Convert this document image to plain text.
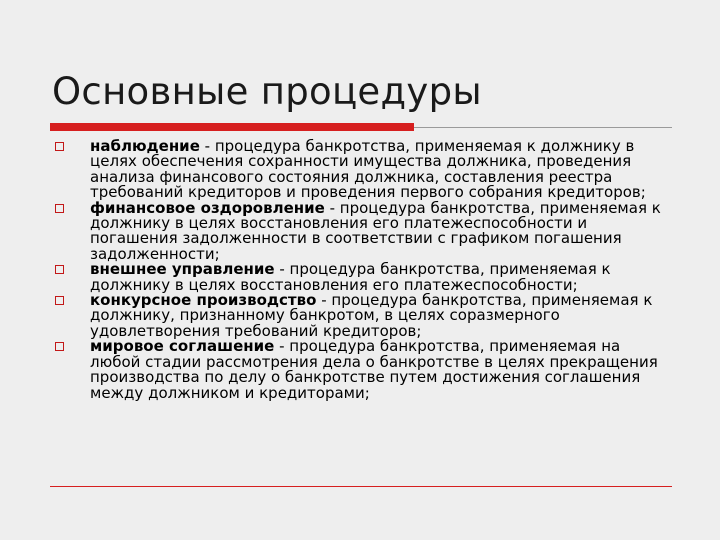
Основные процедуры
наблюдение - процедура банкротства, применяемая к должнику в целях обеспечения сохранности имущества должника, проведения анализа финансового состояния должника, составления реестра требований кредиторов и проведения первого собрания кредиторов;
финансовое оздоровление - процедура банкротства, применяемая к должнику в целях восстановления его платежеспособности и погашения задолженности в соответствии с графиком погашения задолженности;
внешнее управление - процедура банкротства, применяемая к должнику в целях восстановления его платежеспособности;
конкурсное производство - процедура банкротства, применяемая к должнику, признанному банкротом, в целях соразмерного удовлетворения требований кредиторов;
мировое соглашение - процедура банкротства, применяемая на любой стадии рассмотрения дела о банкротстве в целях прекращения производства по делу о банкротстве путем достижения соглашения между должником и кредиторами;
